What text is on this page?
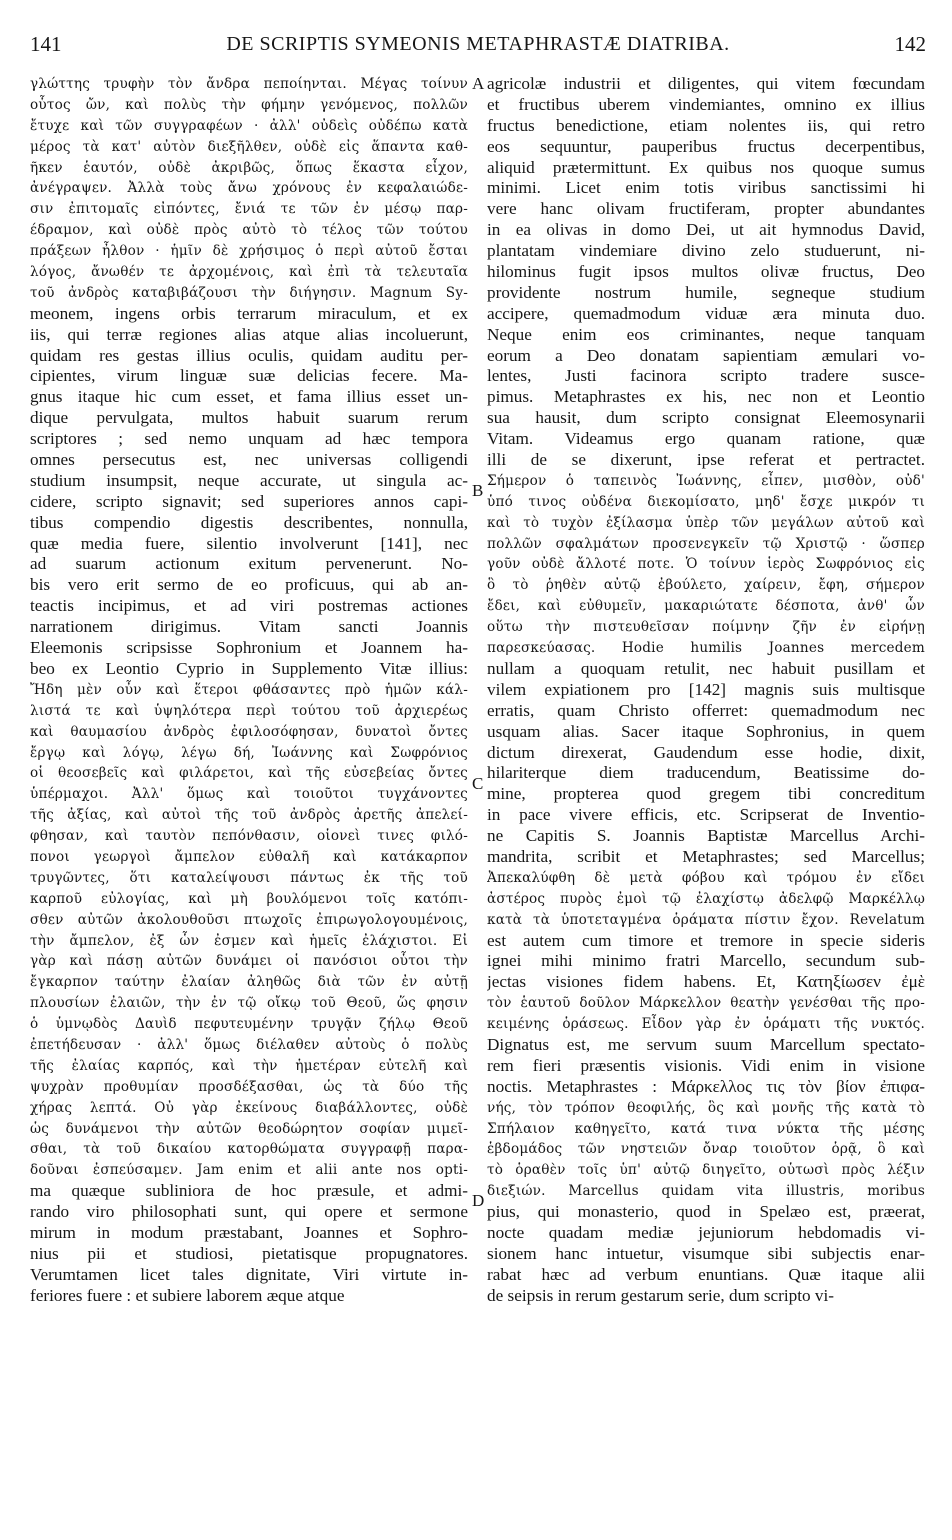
141	DE SCRIPTIS SYMEONIS METAPHRASTÆ DIATRIBA.	142
γλώττης τρυφὴν τὸν ἄνδρα πεποίηνται. Μέγας τοίνυν
οὗτος ὤν, καὶ πολὺς τὴν φήμην γενόμενος, πολλῶν
ἔτυχε καὶ τῶν συγγραφέων · ἀλλ' οὐδεὶς οὐδέπω κατὰ
μέρος τὰ κατ' αὐτὸν διεξῆλθεν, οὐδὲ εἰς ἅπαντα καθ-
ῆκεν ἑαυτόν, οὐδὲ ἀκριβῶς, ὅπως ἕκαστα εἶχον,
ἀνέγραψεν. Ἀλλὰ τοὺς ἄνω χρόνους ἐν κεφαλαιώδε-
σιν ἐπιτομαῖς εἰπόντες, ἔνιά τε τῶν ἐν μέσῳ παρ-
έδραμον, καὶ οὐδὲ πρὸς αὐτὸ τὸ τέλος τῶν τούτου
πράξεων ἦλθον · ἡμῖν δὲ χρήσιμος ὁ περὶ αὐτοῦ ἔσται
λόγος, ἄνωθέν τε ἀρχομένοις, καὶ ἐπὶ τὰ τελευταῖα
τοῦ ἀνδρὸς καταβιβάζουσι τὴν διήγησιν. Magnum Sy-
meonem, ingens orbis terrarum miraculum, et ex
iis, qui terræ regiones alias atque alias incoluerunt,
quidam res gestas illius oculis, quidam auditu per-
cipientes, virum linguæ suæ delicias fecere. Ma-
gnus itaque hic cum esset, et fama illius esset un-
dique pervulgata, multos habuit suarum rerum
scriptores ; sed nemo unquam ad hæc tempora
omnes persecutus est, nec universas colligendi
studium insumpsit, neque accurate, ut singula ac-
cidere, scripto signavit; sed superiores annos capi-
tibus compendio digestis describentes, nonnulla,
quæ media fuere, silentio involverunt [141], nec
ad suarum actionum exitum pervenerunt. No-
bis vero erit sermo de eo proficuus, qui ab an-
teactis incipimus, et ad viri postremas actiones
narrationem dirigimus. Vitam sancti Joannis
Eleemonis scripsisse Sophronium et Joannem ha-
beo ex Leontio Cyprio in Supplemento Vitæ illius:
Ἤδη μὲν οὖν καὶ ἕτεροι φθάσαντες πρὸ ἡμῶν κάλ-
λιστά τε καὶ ὑψηλότερα περὶ τούτου τοῦ ἀρχιερέως
καὶ θαυμασίου ἀνδρὸς ἐφιλοσόφησαν, δυνατοὶ ὄντες
ἔργῳ καὶ λόγῳ, λέγω δή, Ἰωάννης καὶ Σωφρόνιος
οἱ θεοσεβεῖς καὶ φιλάρετοι, καὶ τῆς εὐσεβείας ὄντες
ὑπέρμαχοι. Ἀλλ' ὅμως καὶ τοιοῦτοι τυγχάνοντες
τῆς ἀξίας, καὶ αὐτοὶ τῆς τοῦ ἀνδρὸς ἀρετῆς ἀπελεί-
φθησαν, καὶ ταυτὸν πεπόνθασιν, οἱονεὶ τινες φιλό-
πονοι γεωργοὶ ἄμπελον εὐθαλῆ καὶ κατάκαρπον
τρυγῶντες, ὅτι καταλείψουσι πάντως ἐκ τῆς τοῦ
καρποῦ εὐλογίας, καὶ μὴ βουλόμενοι τοῖς κατόπι-
σθεν αὐτῶν ἀκολουθοῦσι πτωχοῖς ἐπιρωγολογουμένοις,
τὴν ἄμπελον, ἐξ ὧν ἐσμεν καὶ ἡμεῖς ἐλάχιστοι. Εἰ
γὰρ καὶ πάσῃ αὐτῶν δυνάμει οἱ πανόσιοι οὗτοι τὴν
ἔγκαρπον ταύτην ἐλαίαν ἀληθῶς διὰ τῶν ἐν αὐτῇ
πλουσίων ἐλαιῶν, τὴν ἐν τῷ οἴκῳ τοῦ Θεοῦ, ὥς φησιν
ὁ ὑμνῳδὸς Δαυὶδ πεφυτευμένην τρυγᾷν ζήλῳ Θεοῦ
ἐπετήδευσαν · ἀλλ' ὅμως διέλαθεν αὐτοὺς ὁ πολὺς
τῆς ἐλαίας καρπός, καὶ τὴν ἡμετέραν εὐτελῆ καὶ
ψυχρὰν προθυμίαν προσδέξασθαι, ὡς τὰ δύο τῆς
χήρας λεπτά. Οὐ γὰρ ἐκείνους διαβάλλοντες, οὐδὲ
ὡς δυνάμενοι τὴν αὐτῶν θεοδώρητον σοφίαν μιμεῖ-
σθαι, τὰ τοῦ δικαίου κατορθώματα συγγραφῇ παρα-
δοῦναι ἐσπεύσαμεν. Jam enim et alii ante nos opti-
ma quæque subliniora de hoc præsule, et admi-
rando viro philosophati sunt, qui opere et sermone
mirum in modum præstabant, Joannes et Sophro-
nius pii et studiosi, pietatisque propugnatores.
Verumtamen licet tales dignitate, Viri virtute in-
feriores fuere : et subiere laborem æque atque
A
B
C
D
agricolæ industrii et diligentes, qui vitem fœcundam
et fructibus uberem vindemiantes, omnino ex illius
fructus benedictione, etiam nolentes iis, qui retro
eos sequuntur, pauperibus fructus decerpentibus,
aliquid prætermittunt. Ex quibus nos quoque sumus
minimi. Licet enim totis viribus sanctissimi hi
vere hanc olivam fructiferam, propter abundantes
in ea olivas in domo Dei, ut ait hymnodus David,
plantatam vindemiare divino zelo studuerunt, ni-
hilominus fugit ipsos multos olivæ fructus, Deo
providente nostrum humile, segneque studium
accipere, quemadmodum viduæ æra minuta duo.
Neque enim eos criminantes, neque tanquam
eorum a Deo donatam sapientiam æmulari vo-
lentes, Justi facinora scripto tradere susce-
pimus. Metaphrastes ex his, nec non et Leontio
sua hausit, dum scripto consignat Eleemosynarii
Vitam. Videamus ergo quanam ratione, quæ
illi de se dixerunt, ipse referat et pertractet.
Σήμερον ὁ ταπεινὸς Ἰωάννης, εἶπεν, μισθὸν, οὐδ'
ὑπό τινος οὐδένα διεκομίσατο, μηδ' ἔσχε μικρόν τι
καὶ τὸ τυχὸν ἐξίλασμα ὑπὲρ τῶν μεγάλων αὐτοῦ καὶ
πολλῶν σφαλμάτων προσενεγκεῖν τῷ Χριστῷ · ὥσπερ
γοῦν οὐδὲ ἄλλοτέ ποτε. Ὁ τοίνυν ἱερὸς Σωφρόνιος εἰς
ὃ τὸ ῥηθὲν αὐτῷ ἐβούλετο, χαίρειν, ἔφη, σήμερον
ἔδει, καὶ εὐθυμεῖν, μακαριώτατε δέσποτα, ἀνθ' ὧν
οὕτω τὴν πιστευθεῖσαν ποίμνην ζῆν ἐν εἰρήνῃ
παρεσκεύασας. Hodie humilis Joannes mercedem
nullam a quoquam retulit, nec habuit pusillam et
vilem expiationem pro [142] magnis suis multisque
erratis, quam Christo offerret: quemadmodum nec
usquam alias. Sacer itaque Sophronius, in quem
dictum direxerat, Gaudendum esse hodie, dixit,
hilariterque diem traducendum, Beatissime do-
mine, propterea quod gregem tibi concreditum
in pace vivere efficis, etc. Scripserat de Inventio-
ne Capitis S. Joannis Baptistæ Marcellus Archi-
mandrita, scribit et Metaphrastes; sed Marcellus;
Ἀπεκαλύφθη δὲ μετὰ φόβου καὶ τρόμου ἐν εἴδει
ἀστέρος πυρὸς ἐμοὶ τῷ ἐλαχίστῳ ἀδελφῷ Μαρκέλλῳ
κατὰ τὰ ὑποτεταγμένα ὁράματα πίστιν ἔχον. Revelatum
est autem cum timore et tremore in specie sideris
ignei mihi minimo fratri Marcello, secundum sub-
jectas visiones fidem habens. Et, Κατηξίωσεν ἐμὲ
τὸν ἑαυτοῦ δοῦλον Μάρκελλον θεατὴν γενέσθαι τῆς προ-
κειμένης ὁράσεως. Εἶδον γὰρ ἐν ὁράματι τῆς νυκτός.
Dignatus est, me servum suum Marcellum spectato-
rem fieri præsentis visionis. Vidi enim in visione
noctis. Metaphrastes : Μάρκελλος τις τὸν βίον ἐπιφα-
νής, τὸν τρόπον θεοφιλής, ὃς καὶ μονῆς τῆς κατὰ τὸ
Σπήλαιον καθηγεῖτο, κατά τινα νύκτα τῆς μέσης
ἑβδομάδος τῶν νηστειῶν ὄναρ τοιοῦτον ὁρᾷ, ὃ καὶ
τὸ ὁραθὲν τοῖς ὑπ' αὐτῷ διηγεῖτο, οὑτωσὶ πρὸς λέξιν
διεξιών. Marcellus quidam vita illustris, moribus
pius, qui monasterio, quod in Spelæo est, præerat,
nocte quadam mediæ jejuniorum hebdomadis vi-
sionem hanc intuetur, visumque sibi subjectis enar-
rabat hæc ad verbum enuntians. Quæ itaque alii
de seipsis in rerum gestarum serie, dum scripto vi-
